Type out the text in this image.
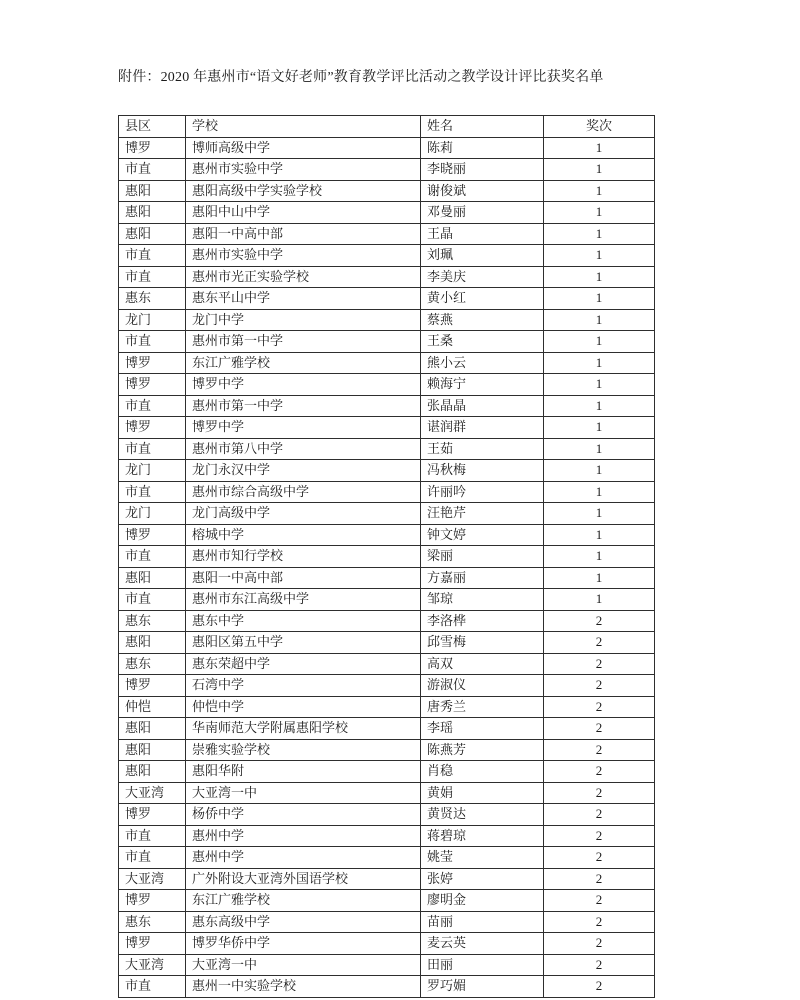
附件：2020 年惠州市“语文好老师”教育教学评比活动之教学设计评比获奖名单
县区	学校	姓名	奖次
博罗	博师高级中学	陈莉	1
市直	惠州市实验中学	李晓丽	1
惠阳	惠阳高级中学实验学校	谢俊斌	1
惠阳	惠阳中山中学	邓曼丽	1
惠阳	惠阳一中高中部	王晶	1
市直	惠州市实验中学	刘珮	1
市直	惠州市光正实验学校	李美庆	1
惠东	惠东平山中学	黄小红	1
龙门	龙门中学	蔡燕	1
市直	惠州市第一中学	王桑	1
博罗	东江广雅学校	熊小云	1
博罗	博罗中学	赖海宁	1
市直	惠州市第一中学	张晶晶	1
博罗	博罗中学	谌润群	1
市直	惠州市第八中学	王茹	1
龙门	龙门永汉中学	冯秋梅	1
市直	惠州市综合高级中学	许丽吟	1
龙门	龙门高级中学	汪艳芹	1
博罗	榕城中学	钟文婷	1
市直	惠州市知行学校	梁丽	1
惠阳	惠阳一中高中部	方嘉丽	1
市直	惠州市东江高级中学	邹琼	1
惠东	惠东中学	李洛桦	2
惠阳	惠阳区第五中学	邱雪梅	2
惠东	惠东荣超中学	高双	2
博罗	石湾中学	游淑仪	2
仲恺	仲恺中学	唐秀兰	2
惠阳	华南师范大学附属惠阳学校	李瑶	2
惠阳	崇雅实验学校	陈燕芳	2
惠阳	惠阳华附	肖稳	2
大亚湾	大亚湾一中	黄娟	2
博罗	杨侨中学	黄贤达	2
市直	惠州中学	蒋碧琼	2
市直	惠州中学	姚莹	2
大亚湾	广外附设大亚湾外国语学校	张婷	2
博罗	东江广雅学校	廖明金	2
惠东	惠东高级中学	苗丽	2
博罗	博罗华侨中学	麦云英	2
大亚湾	大亚湾一中	田丽	2
市直	惠州一中实验学校	罗巧媚	2
